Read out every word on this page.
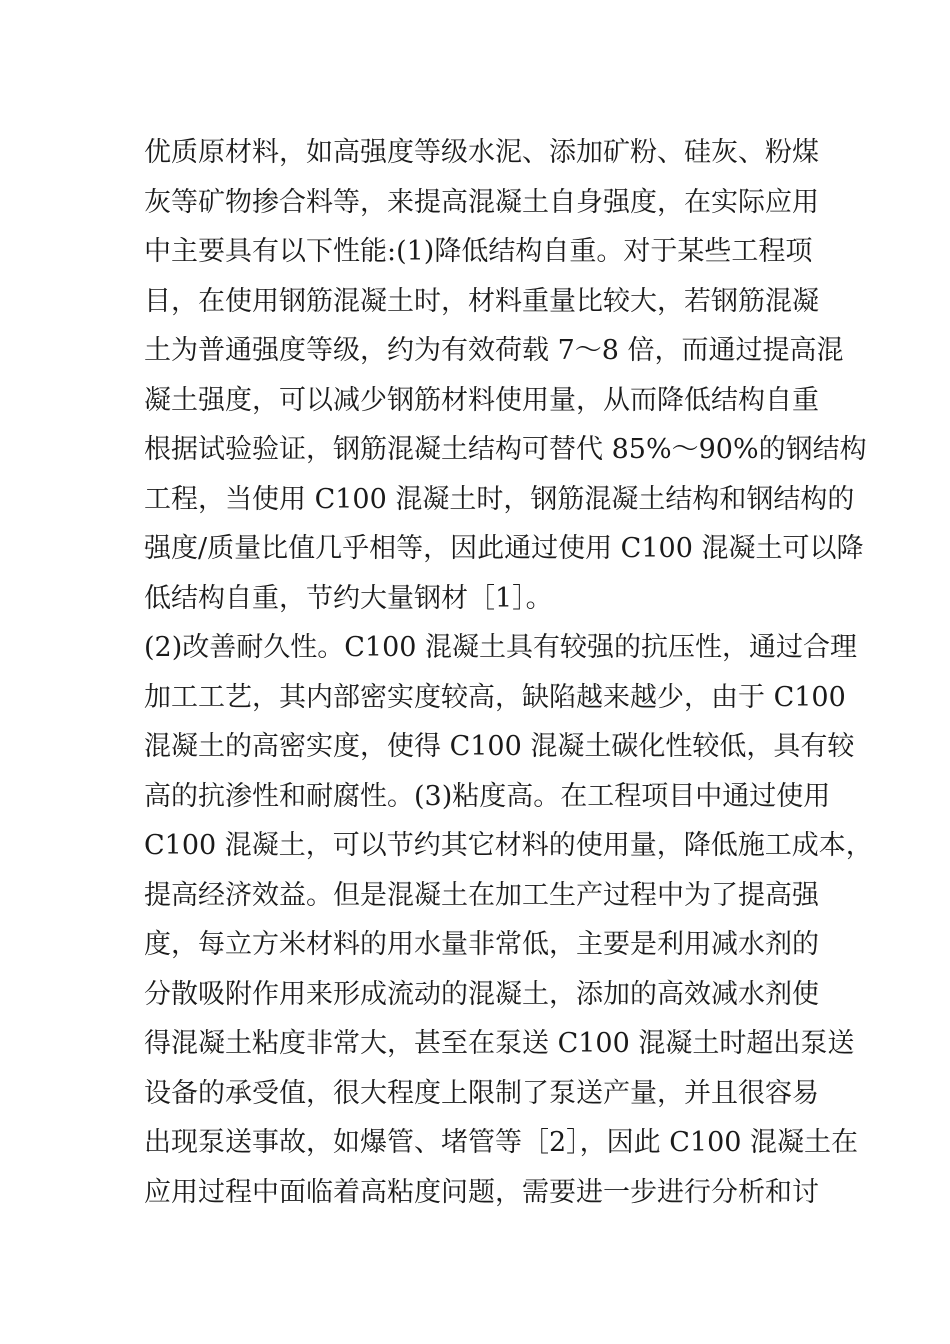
优质原材料，如高强度等级水泥、添加矿粉、硅灰、粉煤
灰等矿物掺合料等，来提高混凝土自身强度，在实际应用
中主要具有以下性能:(1)降低结构自重。对于某些工程项
目，在使用钢筋混凝土时，材料重量比较大，若钢筋混凝
土为普通强度等级，约为有效荷载 7～8 倍，而通过提高混
凝土强度，可以减少钢筋材料使用量，从而降低结构自重
根据试验验证，钢筋混凝土结构可替代 85%～90%的钢结构
工程，当使用 C100 混凝土时，钢筋混凝土结构和钢结构的
强度/质量比值几乎相等，因此通过使用 C100 混凝土可以降
低结构自重，节约大量钢材［1］。
(2)改善耐久性。C100 混凝土具有较强的抗压性，通过合理
加工工艺，其内部密实度较高，缺陷越来越少，由于 C100
混凝土的高密实度，使得 C100 混凝土碳化性较低，具有较
高的抗渗性和耐腐性。(3)粘度高。在工程项目中通过使用
C100 混凝土，可以节约其它材料的使用量，降低施工成本，
提高经济效益。但是混凝土在加工生产过程中为了提高强
度，每立方米材料的用水量非常低，主要是利用减水剂的
分散吸附作用来形成流动的混凝土，添加的高效减水剂使
得混凝土粘度非常大，甚至在泵送 C100 混凝土时超出泵送
设备的承受值，很大程度上限制了泵送产量，并且很容易
出现泵送事故，如爆管、堵管等［2］，因此 C100 混凝土在
应用过程中面临着高粘度问题，需要进一步进行分析和讨
